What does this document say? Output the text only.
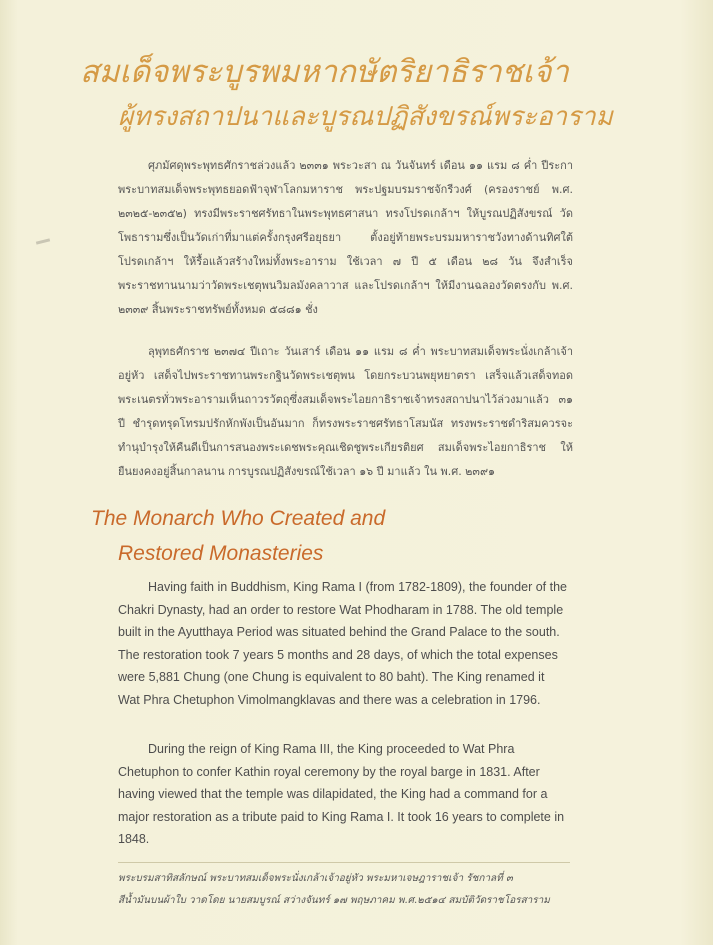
สมเด็จพระบูรพมหากษัตริยาธิราชเจ้า
ผู้ทรงสถาปนาและบูรณปฏิสังขรณ์พระอาราม
ศุภมัศดุพระพุทธศักราชล่วงแล้ว ๒๓๓๑ พระวะสา ณ วันจันทร์ เดือน ๑๑ แรม ๘ ค่ำ ปีระกา พระบาทสมเด็จพระพุทธยอดฟ้าจุฬาโลกมหาราช พระปฐมบรมราชจักรีวงศ์ (ครองราชย์ พ.ศ. ๒๓๒๕-๒๓๕๒) ทรงมีพระราชศรัทธาในพระพุทธศาสนา ทรงโปรดเกล้าฯ ให้บูรณปฏิสังขรณ์ วัดโพธารามซึ่งเป็นวัดเก่าที่มาแต่ครั้งกรุงศรีอยุธยา ตั้งอยู่ท้ายพระบรมมหาราชวังทางด้านทิศใต้ โปรดเกล้าฯ ให้รื้อแล้วสร้างใหม่ทั้งพระอาราม ใช้เวลา ๗ ปี ๕ เดือน ๒๘ วัน จึงสำเร็จ พระราชทานนามว่าวัดพระเชตุพนวิมลมังคลาวาส และโปรดเกล้าฯ ให้มีงานฉลองวัดตรงกับ พ.ศ. ๒๓๓๙ สิ้นพระราชทรัพย์ทั้งหมด ๕๘๘๑ ชั่ง
ลุพุทธศักราช ๒๓๗๔ ปีเถาะ วันเสาร์ เดือน ๑๑ แรม ๘ ค่ำ พระบาทสมเด็จพระนั่งเกล้าเจ้าอยู่หัว เสด็จไปพระราชทานพระกฐินวัดพระเชตุพน โดยกระบวนพยุหยาตรา เสร็จแล้วเสด็จทอดพระเนตรทั่วพระอารามเห็นถาวรวัตถุซึ่งสมเด็จพระไอยกาธิราชเจ้าทรงสถาปนาไว้ล่วงมาแล้ว ๓๑ ปี ชำรุดทรุดโทรมปรักหักพังเป็นอันมาก ก็ทรงพระราชศรัทธาโสมนัส ทรงพระราชดำริสมควรจะทำนุบำรุงให้คืนดีเป็นการสนองพระเดชพระคุณเชิดชูพระเกียรติยศ สมเด็จพระไอยกาธิราช ให้ยืนยงคงอยู่สิ้นกาลนาน การบูรณปฏิสังขรณ์ใช้เวลา ๑๖ ปี มาแล้ว ใน พ.ศ. ๒๓๙๑
The Monarch Who Created and
Restored Monasteries
Having faith in Buddhism, King Rama I (from 1782-1809), the founder of the Chakri Dynasty, had an order to restore Wat Phodharam in 1788. The old temple built in the Ayutthaya Period was situated behind the Grand Palace to the south. The restoration took 7 years 5 months and 28 days, of which the total expenses were 5,881 Chung (one Chung is equivalent to 80 baht). The King renamed it Wat Phra Chetuphon Vimolmangklavas and there was a celebration in 1796.
During the reign of King Rama III, the King proceeded to Wat Phra Chetuphon to confer Kathin royal ceremony by the royal barge in 1831. After having viewed that the temple was dilapidated, the King had a command for a major restoration as a tribute paid to King Rama I. It took 16 years to complete in 1848.
พระบรมสาทิสลักษณ์ พระบาทสมเด็จพระนั่งเกล้าเจ้าอยู่หัว พระมหาเจษฎาราชเจ้า รัชกาลที่ ๓
สีน้ำมันบนผ้าใบ วาดโดย นายสมบูรณ์ สว่างจันทร์ ๑๗ พฤษภาคม พ.ศ.๒๕๑๔ สมบัติวัดราชโอรสาราม
